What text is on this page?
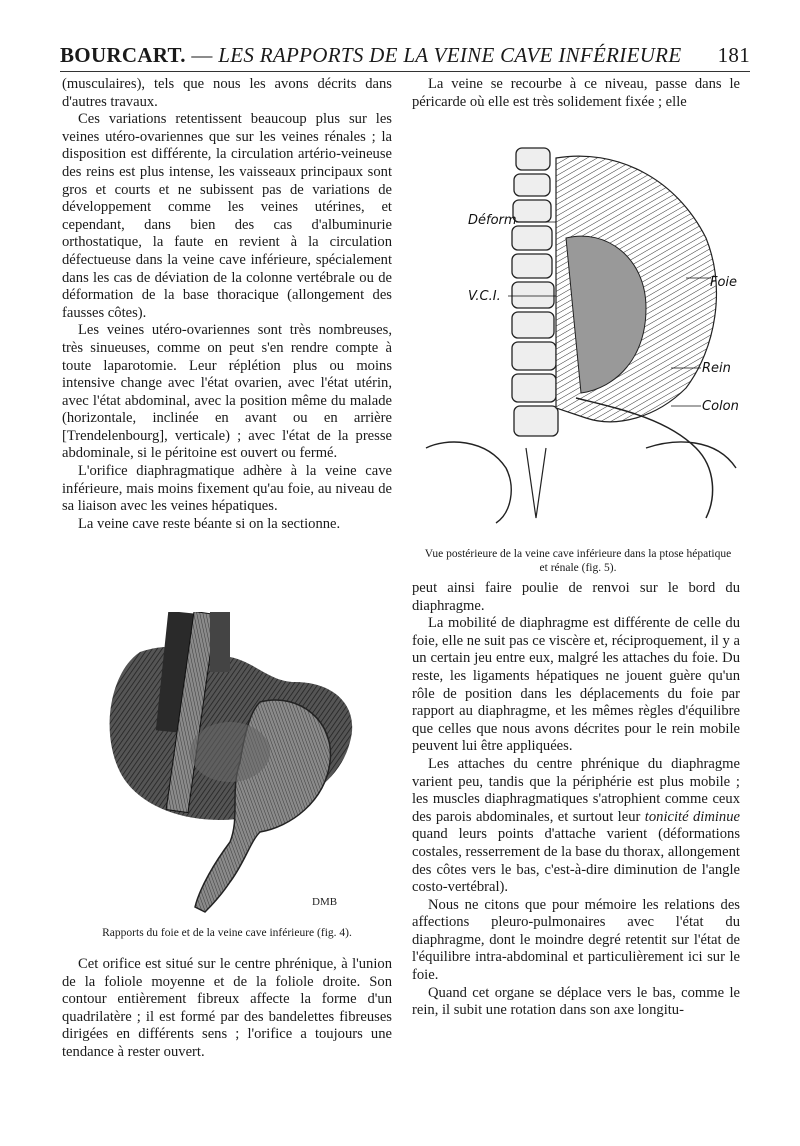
BOURCART. — LES RAPPORTS DE LA VEINE CAVE INFÉRIEURE 181

(musculaires), tels que nous les avons décrits dans d'autres travaux.

Ces variations retentissent beaucoup plus sur les veines utéro-ovariennes que sur les veines rénales ; la disposition est différente, la circulation artério-veineuse des reins est plus intense, les vaisseaux principaux sont gros et courts et ne subissent pas de variations de développement comme les veines utérines, et cependant, dans bien des cas d'albuminurie orthostatique, la faute en revient à la circulation défectueuse dans la veine cave inférieure, spécialement dans les cas de déviation de la colonne vertébrale ou de déformation de la base thoracique (allongement des fausses côtes).

Les veines utéro-ovariennes sont très nombreuses, très sinueuses, comme on peut s'en rendre compte à toute laparotomie. Leur réplétion plus ou moins intensive change avec l'état ovarien, avec l'état utérin, avec l'état abdominal, avec la position même du malade (horizontale, inclinée en avant ou en arrière [Trendelenbourg], verticale) ; avec l'état de la presse abdominale, si le péritoine est ouvert ou fermé.

L'orifice diaphragmatique adhère à la veine cave inférieure, mais moins fixement qu'au foie, au niveau de sa liaison avec les veines hépatiques.

La veine cave reste béante si on la sectionne.

DMB
Rapports du foie et de la veine cave inférieure (fig. 4).

Cet orifice est situé sur le centre phrénique, à l'union de la foliole moyenne et de la foliole droite. Son contour entièrement fibreux affecte la forme d'un quadrilatère ; il est formé par des bandelettes fibreuses dirigées en différents sens ; l'orifice a toujours une tendance à rester ouvert.

La veine se recourbe à ce niveau, passe dans le péricarde où elle est très solidement fixée ; elle

Déform
V.C.I.
Foie
Rein
Colon
Vue postérieure de la veine cave inférieure dans la ptose hépatique et rénale (fig. 5).

peut ainsi faire poulie de renvoi sur le bord du diaphragme.

La mobilité de diaphragme est différente de celle du foie, elle ne suit pas ce viscère et, réciproquement, il y a un certain jeu entre eux, malgré les attaches du foie. Du reste, les ligaments hépatiques ne jouent guère qu'un rôle de position dans les déplacements du foie par rapport au diaphragme, et les mêmes règles d'équilibre que celles que nous avons décrites pour le rein mobile peuvent lui être appliquées.

Les attaches du centre phrénique du diaphragme varient peu, tandis que la périphérie est plus mobile ; les muscles diaphragmatiques s'atrophient comme ceux des parois abdominales, et surtout leur tonicité diminue quand leurs points d'attache varient (déformations costales, resserrement de la base du thorax, allongement des côtes vers le bas, c'est-à-dire diminution de l'angle costo-vertébral).

Nous ne citons que pour mémoire les relations des affections pleuro-pulmonaires avec l'état du diaphragme, dont le moindre degré retentit sur l'état de l'équilibre intra-abdominal et particulièrement ici sur le foie.

Quand cet organe se déplace vers le bas, comme le rein, il subit une rotation dans son axe longitu-
